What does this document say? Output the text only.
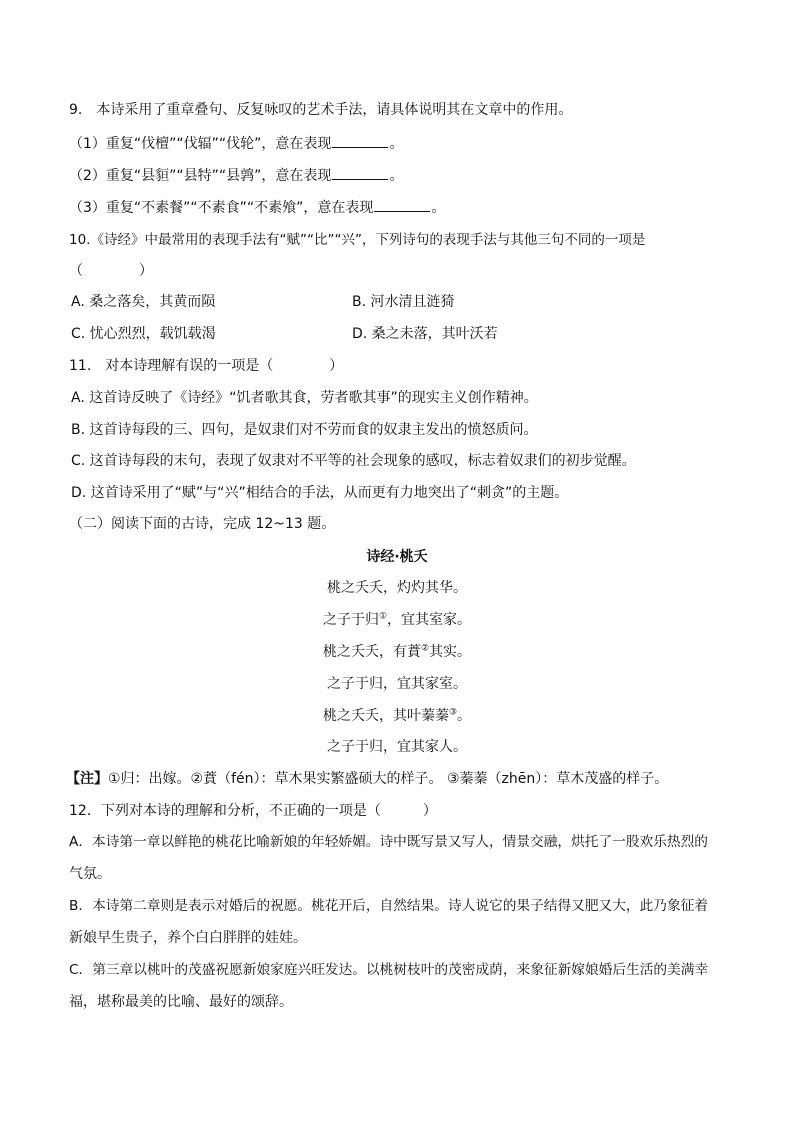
9.　本诗采用了重章叠句、反复咏叹的艺术手法，请具体说明其在文章中的作用。
（1）重复“伐檀”“伐辐”“伐轮”，意在表现	。
（2）重复“县貆”“县特”“县鹑”，意在表现	。
（3）重复“不素餐”“不素食”“不素飧”，意在表现	。
10.《诗经》中最常用的表现手法有“赋”“比”“兴”，下列诗句的表现手法与其他三句不同的一项是
（　　　　）
A. 桑之落矣，其黄而陨	B. 河水清且涟猗
C. 忧心烈烈，载饥载渴	D. 桑之未落，其叶沃若
11.　对本诗理解有误的一项是（　　　　）
A. 这首诗反映了《诗经》“饥者歌其食，劳者歌其事”的现实主义创作精神。
B. 这首诗每段的三、四句，是奴隶们对不劳而食的奴隶主发出的愤怒质问。
C. 这首诗每段的末句，表现了奴隶对不平等的社会现象的感叹，标志着奴隶们的初步觉醒。
D. 这首诗采用了“赋”与“兴”相结合的手法，从而更有力地突出了“刺贪”的主题。
（二）阅读下面的古诗，完成 12~13 题。
诗经·桃夭
桃之夭夭，灼灼其华。
之子于归①，宜其室家。
桃之夭夭，有蕡②其实。
之子于归，宜其家室。
桃之夭夭，其叶蓁蓁③。
之子于归，宜其家人。
【注】①归：出嫁。②蕡（fén）：草木果实繁盛硕大的样子。 ③蓁蓁（zhēn）：草木茂盛的样子。
12．下列对本诗的理解和分析，不正确的一项是（　　　）
A．本诗第一章以鲜艳的桃花比喻新娘的年轻娇媚。诗中既写景又写人，情景交融，烘托了一股欢乐热烈的
气氛。
B．本诗第二章则是表示对婚后的祝愿。桃花开后，自然结果。诗人说它的果子结得又肥又大，此乃象征着
新娘早生贵子，养个白白胖胖的娃娃。
C．第三章以桃叶的茂盛祝愿新娘家庭兴旺发达。以桃树枝叶的茂密成荫，来象征新嫁娘婚后生活的美满幸
福，堪称最美的比喻、最好的颂辞。
